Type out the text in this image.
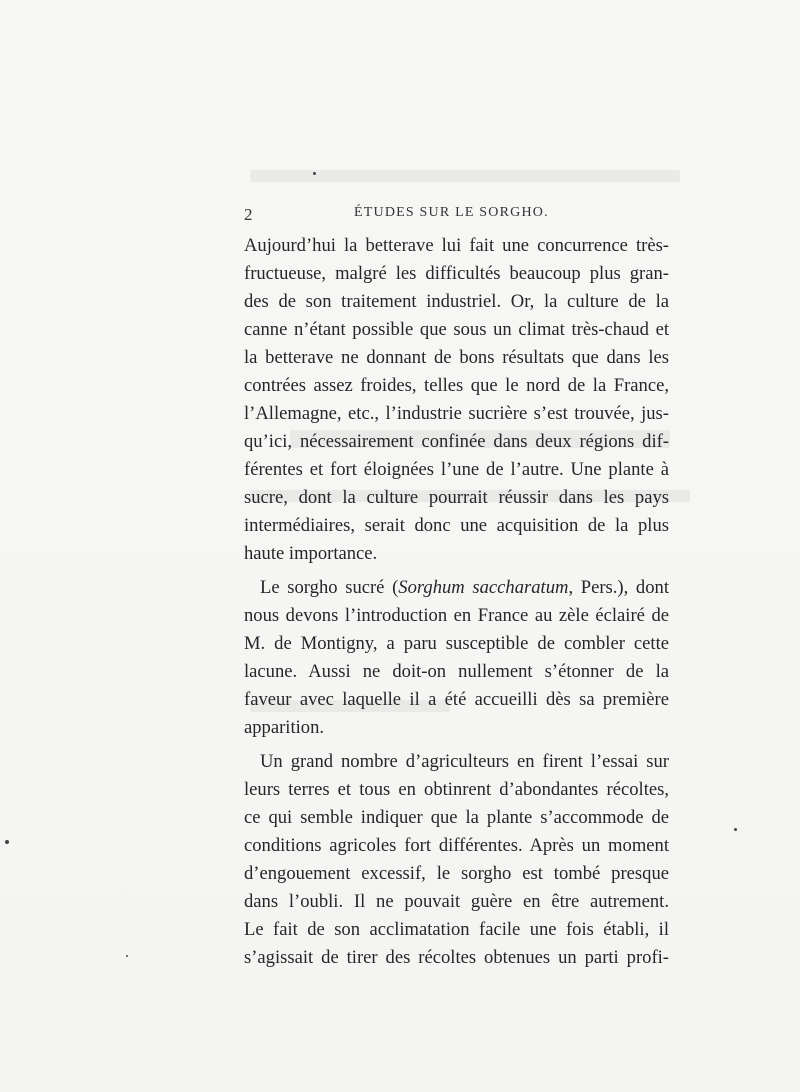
2	ÉTUDES SUR LE SORGHO.
Aujourd’hui la betterave lui fait une concurrence très-
fructueuse, malgré les difficultés beaucoup plus gran-
des de son traitement industriel. Or, la culture de la
canne n’étant possible que sous un climat très-chaud et
la betterave ne donnant de bons résultats que dans les
contrées assez froides, telles que le nord de la France,
l’Allemagne, etc., l’industrie sucrière s’est trouvée, jus-
qu’ici, nécessairement confinée dans deux régions dif-
férentes et fort éloignées l’une de l’autre. Une plante à
sucre, dont la culture pourrait réussir dans les pays
intermédiaires, serait donc une acquisition de la plus
haute importance.
Le sorgho sucré (Sorghum saccharatum, Pers.), dont
nous devons l’introduction en France au zèle éclairé de
M. de Montigny, a paru susceptible de combler cette
lacune. Aussi ne doit-on nullement s’étonner de la
faveur avec laquelle il a été accueilli dès sa première
apparition.
Un grand nombre d’agriculteurs en firent l’essai sur
leurs terres et tous en obtinrent d’abondantes récoltes,
ce qui semble indiquer que la plante s’accommode de
conditions agricoles fort différentes. Après un moment
d’engouement excessif, le sorgho est tombé presque
dans l’oubli. Il ne pouvait guère en être autrement.
Le fait de son acclimatation facile une fois établi, il
s’agissait de tirer des récoltes obtenues un parti profi-
